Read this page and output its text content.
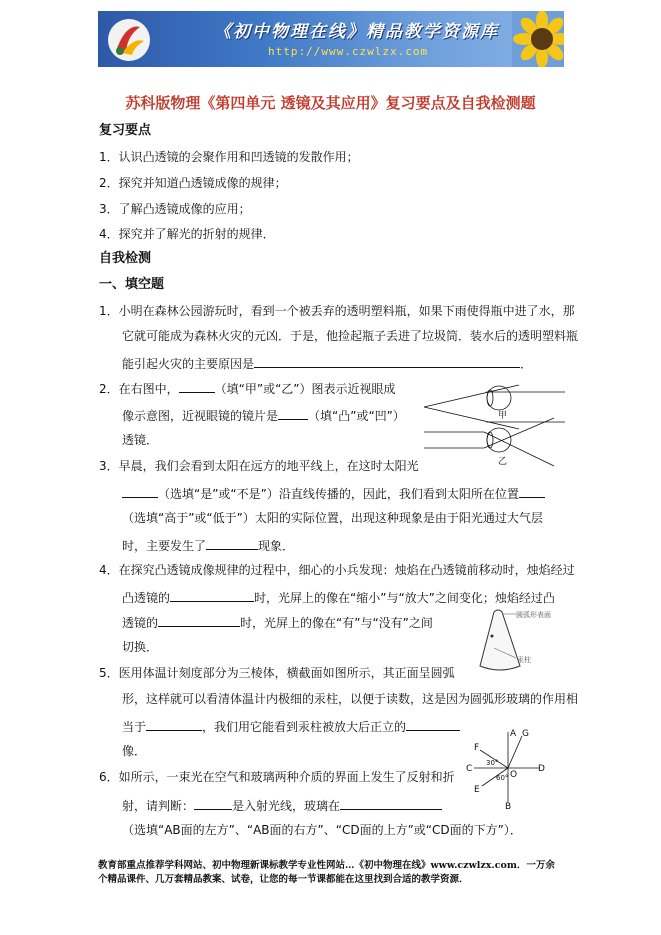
《初中物理在线》精品教学资源库
http://www.czwlzx.com
苏科版物理《第四单元 透镜及其应用》复习要点及自我检测题
复习要点
1．认识凸透镜的会聚作用和凹透镜的发散作用；
2．探究并知道凸透镜成像的规律；
3．了解凸透镜成像的应用；
4．探究并了解光的折射的规律．
自我检测
一、填空题
1．小明在森林公园游玩时，看到一个被丢弃的透明塑料瓶，如果下雨使得瓶中进了水，那
它就可能成为森林火灾的元凶．于是，他捡起瓶子丢进了垃圾筒．装水后的透明塑料瓶
能引起火灾的主要原因是	．
2．在右图中，	（填“甲”或“乙”）图表示近视眼成
像示意图，近视眼镜的镜片是	（填“凸”或“凹”）
透镜．
甲
乙
3．早晨，我们会看到太阳在远方的地平线上，在这时太阳光
（选填“是”或“不是”）沿直线传播的，因此，我们看到太阳所在位置
（选填“高于”或“低于”）太阳的实际位置，出现这种现象是由于阳光通过大气层
时，主要发生了	现象．
4．在探究凸透镜成像规律的过程中，细心的小兵发现：烛焰在凸透镜前移动时，烛焰经过
凸透镜的	时，光屏上的像在“缩小”与“放大”之间变化；烛焰经过凸
透镜的	时，光屏上的像在“有”与“没有”之间
切换．
5．医用体温计刻度部分为三棱体，横截面如图所示，其正面呈圆弧
形，这样就可以看清体温计内极细的汞柱，以便于读数，这是因为圆弧形玻璃的作用相
当于	，我们用它能看到汞柱被放大后正立的
像．
圆弧形表面
汞柱
6．如所示，一束光在空气和玻璃两种介质的界面上发生了反射和折
射，请判断：	是入射光线，玻璃在
（选填“AB面的左方”、“AB面的右方”、“CD面的上方”或“CD面的下方”）．
A
B
C	D
E
F
G
O
30°
60°
教育部重点推荐学科网站、初中物理新课标教学专业性网站…《初中物理在线》www.czwlzx.com．一万余
个精品课件、几万套精品教案、试卷，让您的每一节课都能在这里找到合适的教学资源．
